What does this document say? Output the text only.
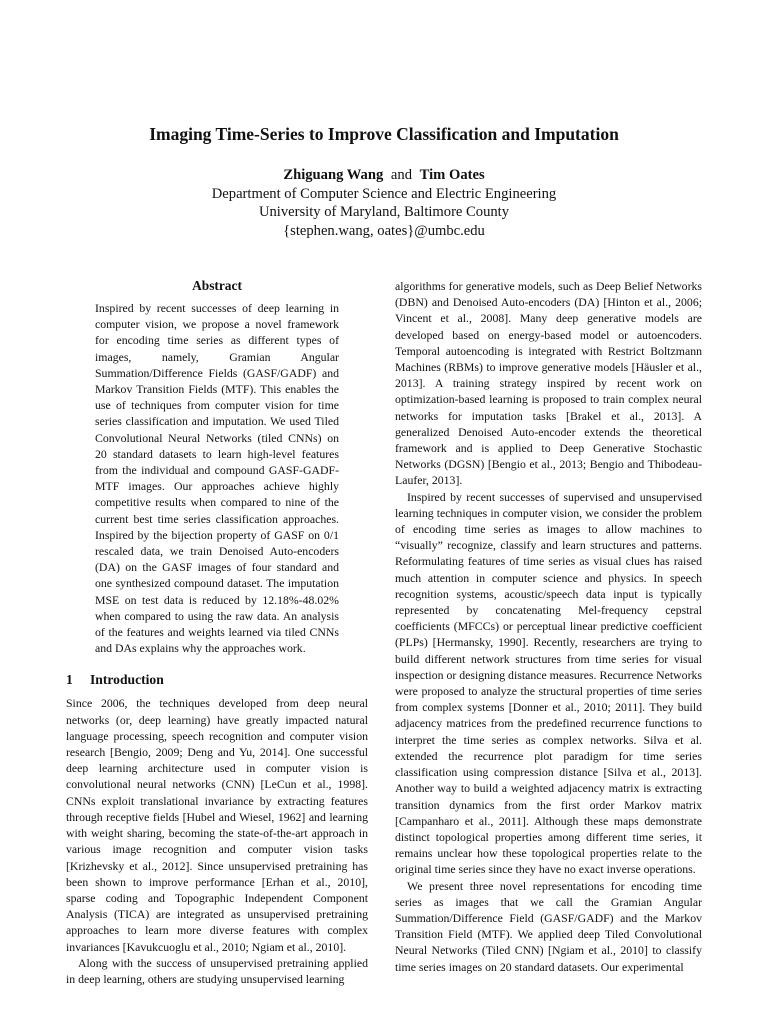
Imaging Time-Series to Improve Classification and Imputation
Zhiguang Wang and Tim Oates
Department of Computer Science and Electric Engineering
University of Maryland, Baltimore County
{stephen.wang, oates}@umbc.edu
Abstract

Inspired by recent successes of deep learning in computer vision, we propose a novel framework for encoding time series as different types of images, namely, Gramian Angular Summation/Difference Fields (GASF/GADF) and Markov Transition Fields (MTF). This enables the use of techniques from computer vision for time series classification and imputation. We used Tiled Convolutional Neural Networks (tiled CNNs) on 20 standard datasets to learn high-level features from the individual and compound GASF-GADF-MTF images. Our approaches achieve highly competitive results when compared to nine of the current best time series classification approaches. Inspired by the bijection property of GASF on 0/1 rescaled data, we train Denoised Auto-encoders (DA) on the GASF images of four standard and one synthesized compound dataset. The imputation MSE on test data is reduced by 12.18%-48.02% when compared to using the raw data. An analysis of the features and weights learned via tiled CNNs and DAs explains why the approaches work.

1 Introduction

Since 2006, the techniques developed from deep neural networks (or, deep learning) have greatly impacted natural language processing, speech recognition and computer vision research [Bengio, 2009; Deng and Yu, 2014]. One successful deep learning architecture used in computer vision is convolutional neural networks (CNN) [LeCun et al., 1998]. CNNs exploit translational invariance by extracting features through receptive fields [Hubel and Wiesel, 1962] and learning with weight sharing, becoming the state-of-the-art approach in various image recognition and computer vision tasks [Krizhevsky et al., 2012]. Since unsupervised pretraining has been shown to improve performance [Erhan et al., 2010], sparse coding and Topographic Independent Component Analysis (TICA) are integrated as unsupervised pretraining approaches to learn more diverse features with complex invariances [Kavukcuoglu et al., 2010; Ngiam et al., 2010].

Along with the success of unsupervised pretraining applied in deep learning, others are studying unsupervised learning

algorithms for generative models, such as Deep Belief Networks (DBN) and Denoised Auto-encoders (DA) [Hinton et al., 2006; Vincent et al., 2008]. Many deep generative models are developed based on energy-based model or autoencoders. Temporal autoencoding is integrated with Restrict Boltzmann Machines (RBMs) to improve generative models [Häusler et al., 2013]. A training strategy inspired by recent work on optimization-based learning is proposed to train complex neural networks for imputation tasks [Brakel et al., 2013]. A generalized Denoised Auto-encoder extends the theoretical framework and is applied to Deep Generative Stochastic Networks (DGSN) [Bengio et al., 2013; Bengio and Thibodeau-Laufer, 2013].

Inspired by recent successes of supervised and unsupervised learning techniques in computer vision, we consider the problem of encoding time series as images to allow machines to “visually” recognize, classify and learn structures and patterns. Reformulating features of time series as visual clues has raised much attention in computer science and physics. In speech recognition systems, acoustic/speech data input is typically represented by concatenating Mel-frequency cepstral coefficients (MFCCs) or perceptual linear predictive coefficient (PLPs) [Hermansky, 1990]. Recently, researchers are trying to build different network structures from time series for visual inspection or designing distance measures. Recurrence Networks were proposed to analyze the structural properties of time series from complex systems [Donner et al., 2010; 2011]. They build adjacency matrices from the predefined recurrence functions to interpret the time series as complex networks. Silva et al. extended the recurrence plot paradigm for time series classification using compression distance [Silva et al., 2013]. Another way to build a weighted adjacency matrix is extracting transition dynamics from the first order Markov matrix [Campanharo et al., 2011]. Although these maps demonstrate distinct topological properties among different time series, it remains unclear how these topological properties relate to the original time series since they have no exact inverse operations.

We present three novel representations for encoding time series as images that we call the Gramian Angular Summation/Difference Field (GASF/GADF) and the Markov Transition Field (MTF). We applied deep Tiled Convolutional Neural Networks (Tiled CNN) [Ngiam et al., 2010] to classify time series images on 20 standard datasets. Our experimental
